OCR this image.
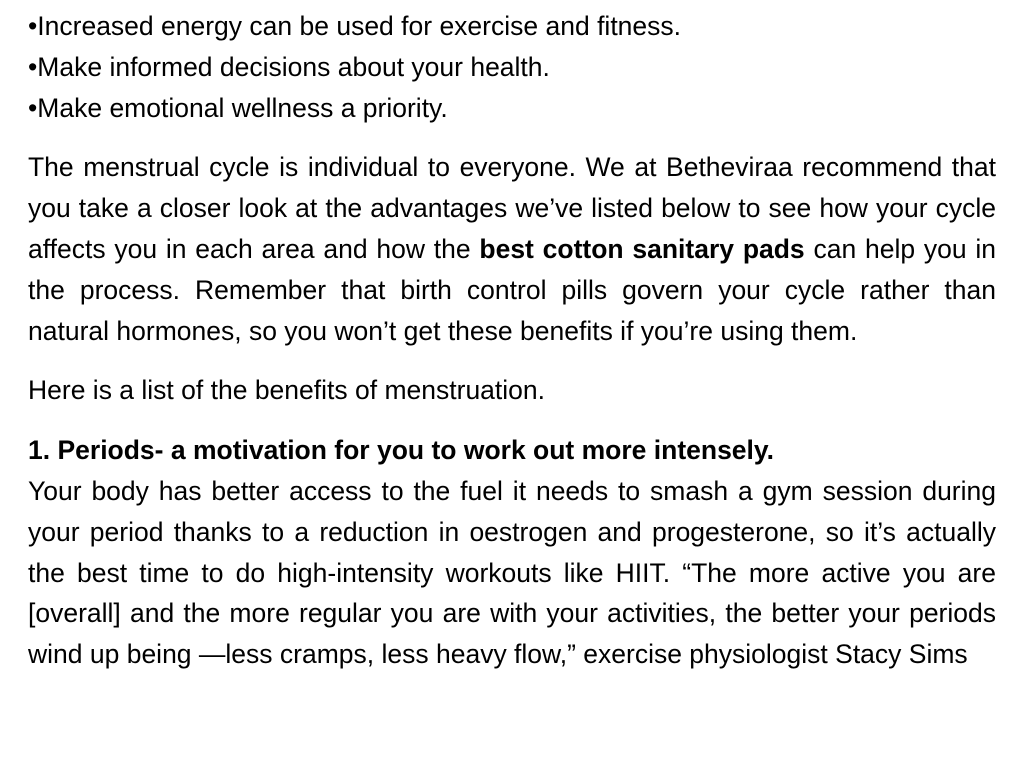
•Increased energy can be used for exercise and fitness.
•Make informed decisions about your health.
•Make emotional wellness a priority.

The menstrual cycle is individual to everyone. We at Betheviraa recommend that you take a closer look at the advantages we’ve listed below to see how your cycle affects you in each area and how the best cotton sanitary pads can help you in the process. Remember that birth control pills govern your cycle rather than natural hormones, so you won’t get these benefits if you’re using them.

Here is a list of the benefits of menstruation.

1. Periods- a motivation for you to work out more intensely.

Your body has better access to the fuel it needs to smash a gym session during your period thanks to a reduction in oestrogen and progesterone, so it’s actually the best time to do high-intensity workouts like HIIT. “The more active you are [overall] and the more regular you are with your activities, the better your periods wind up being —less cramps, less heavy flow,” exercise physiologist Stacy Sims
